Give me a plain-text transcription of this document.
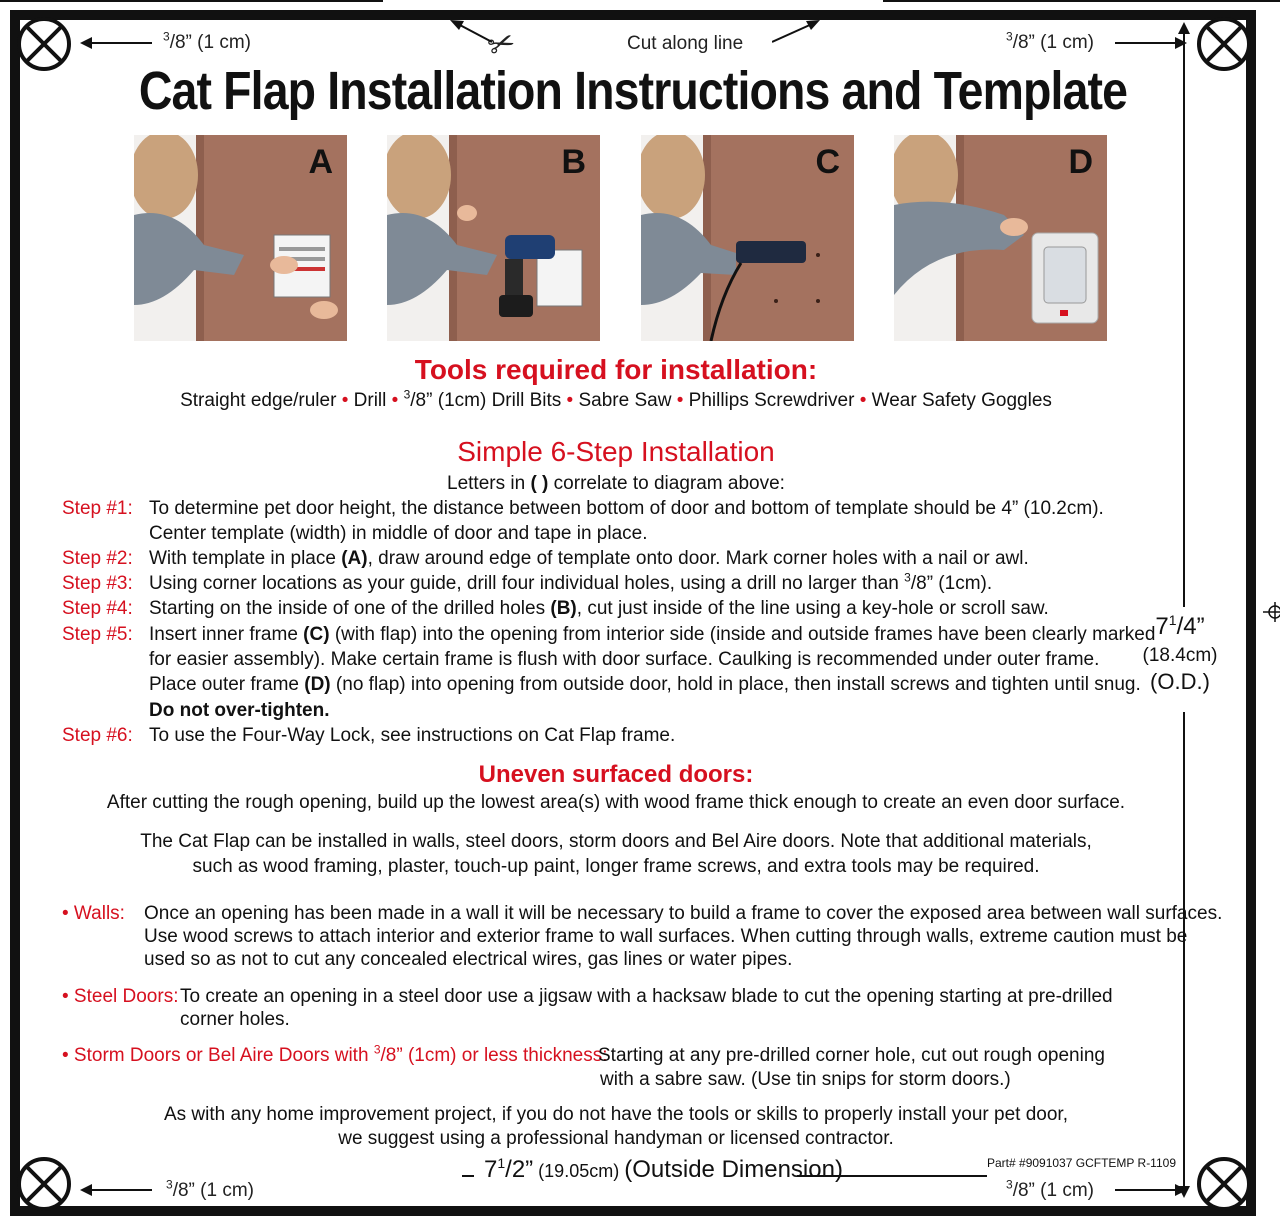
$^3$/8” (1 cm)	$^3$/8” (1 cm)
$^3$/8” (1 cm)	$^3$/8” (1 cm)
✂	Cut along line
Cat Flap Installation Instructions and Template
A	B	C	D
Tools required for installation:
Straight edge/ruler • Drill • $^3$/8” (1cm) Drill Bits • Sabre Saw • Phillips Screwdriver • Wear Safety Goggles
Simple 6-Step Installation
Letters in ( ) correlate to diagram above:
Step #1: To determine pet door height, the distance between bottom of door and bottom of template should be 4” (10.2cm).
Center template (width) in middle of door and tape in place.
Step #2: With template in place (A), draw around edge of template onto door. Mark corner holes with a nail or awl.
Step #3: Using corner locations as your guide, drill four individual holes, using a drill no larger than $^3$/8” (1cm).
Step #4: Starting on the inside of one of the drilled holes (B), cut just inside of the line using a key-hole or scroll saw.
Step #5: Insert inner frame (C) (with flap) into the opening from interior side (inside and outside frames have been clearly marked
for easier assembly). Make certain frame is flush with door surface. Caulking is recommended under outer frame.
Place outer frame (D) (no flap) into opening from outside door, hold in place, then install screws and tighten until snug.
Do not over-tighten.
Step #6: To use the Four-Way Lock, see instructions on Cat Flap frame.
$7^1/4$”
(18.4cm)
(O.D.)
Uneven surfaced doors:
After cutting the rough opening, build up the lowest area(s) with wood frame thick enough to create an even door surface.
The Cat Flap can be installed in walls, steel doors, storm doors and Bel Aire doors. Note that additional materials,
such as wood framing, plaster, touch-up paint, longer frame screws, and extra tools may be required.
• Walls: Once an opening has been made in a wall it will be necessary to build a frame to cover the exposed area between wall surfaces.
Use wood screws to attach interior and exterior frame to wall surfaces. When cutting through walls, extreme caution must be
used so as not to cut any concealed electrical wires, gas lines or water pipes.
• Steel Doors: To create an opening in a steel door use a jigsaw with a hacksaw blade to cut the opening starting at pre-drilled
corner holes.
• Storm Doors or Bel Aire Doors with $^3$/8” (1cm) or less thickness:
Starting at any pre-drilled corner hole, cut out rough opening
with a sabre saw. (Use tin snips for storm doors.)
As with any home improvement project, if you do not have the tools or skills to properly install your pet door,
we suggest using a professional handyman or licensed contractor.
$7^1/2$” (19.05cm) (Outside Dimension)	Part# #9091037 GCFTEMP R-1109
